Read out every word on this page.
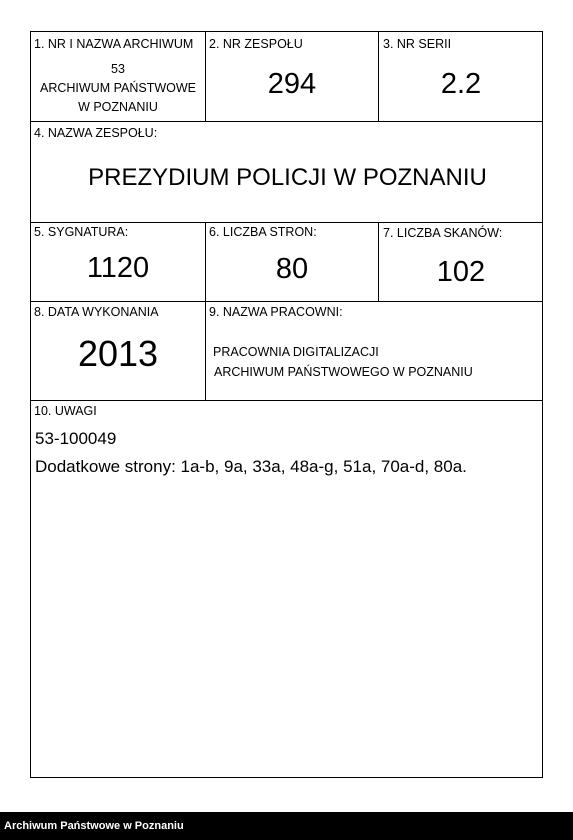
1. NR I NAZWA ARCHIWUM
53
ARCHIWUM PAŃSTWOWE
W POZNANIU
2. NR ZESPOŁU
294
3. NR SERII
2.2
4. NAZWA ZESPOŁU:
PREZYDIUM POLICJI W POZNANIU
5. SYGNATURA:
1120
6. LICZBA STRON:
80
7. LICZBA SKANÓW:
102
8. DATA WYKONANIA
2013
9. NAZWA PRACOWNI:
PRACOWNIA DIGITALIZACJI
ARCHIWUM PAŃSTWOWEGO W POZNANIU
10. UWAGI
53-100049
Dodatkowe strony: 1a-b, 9a, 33a, 48a-g, 51a, 70a-d, 80a.
Archiwum Państwowe w Poznaniu
